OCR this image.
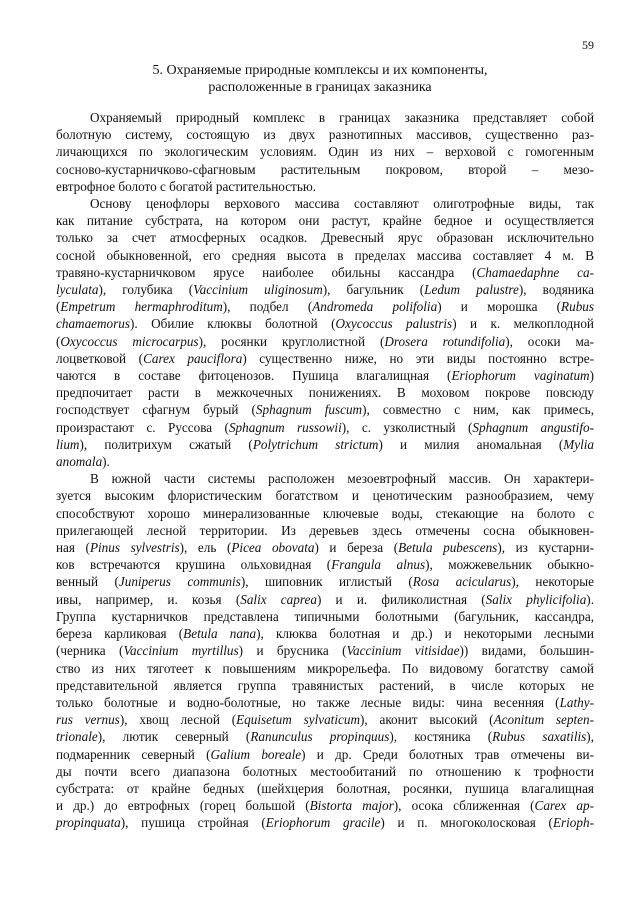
59
5. Охраняемые природные комплексы и их компоненты,
расположенные в границах заказника
Охраняемый природный комплекс в границах заказника представляет собой
болотную систему, состоящую из двух разнотипных массивов, существенно раз-
личающихся по экологическим условиям. Один из них – верховой с гомогенным
сосново-кустарничково-сфагновым растительным покровом, второй – мезо-
евтрофное болото с богатой растительностью.
Основу ценофлоры верхового массива составляют олиготрофные виды, так
как питание субстрата, на котором они растут, крайне бедное и осуществляется
только за счет атмосферных осадков. Древесный ярус образован исключительно
сосной обыкновенной, его средняя высота в пределах массива составляет 4 м. В
травяно-кустарничковом ярусе наиболее обильны кассандра (Chamaedaphne ca-
lyculata), голубика (Vaccinium uliginosum), багульник (Ledum palustre), водяника
(Empetrum hermaphroditum), подбел (Andromeda polifolia) и морошка (Rubus
chamaemorus). Обилие клюквы болотной (Oxycoccus palustris) и к. мелкоплодной
(Oxycoccus microcarpus), росянки круглолистной (Drosera rotundifolia), осоки ма-
лоцветковой (Carex pauciflora) существенно ниже, но эти виды постоянно встре-
чаются в составе фитоценозов. Пушица влагалищная (Eriophorum vaginatum)
предпочитает расти в межкочечных понижениях. В моховом покрове повсюду
господствует сфагнум бурый (Sphagnum fuscum), совместно с ним, как примесь,
произрастают с. Руссова (Sphagnum russowii), с. узколистный (Sphagnum angustifo-
lium), политрихум сжатый (Polytrichum strictum) и милия аномальная (Mylia
anomala).
В южной части системы расположен мезоевтрофный массив. Он характери-
зуется высоким флористическим богатством и ценотическим разнообразием, чему
способствуют хорошо минерализованные ключевые воды, стекающие на болото с
прилегающей лесной территории. Из деревьев здесь отмечены сосна обыкновен-
ная (Pinus sylvestris), ель (Picea obovata) и береза (Betula pubescens), из кустарни-
ков встречаются крушина ольховидная (Frangula alnus), можжевельник обыкно-
венный (Juniperus communis), шиповник иглистый (Rosa acicularus), некоторые
ивы, например, и. козья (Salix caprea) и и. филиколистная (Salix phylicifolia).
Группа кустарничков представлена типичными болотными (багульник, кассандра,
береза карликовая (Betula nana), клюква болотная и др.) и некоторыми лесными
(черника (Vaccinium myrtillus) и брусника (Vaccinium vitisidae)) видами, большин-
ство из них тяготеет к повышениям микрорельефа. По видовому богатству самой
представительной является группа травянистых растений, в числе которых не
только болотные и водно-болотные, но также лесные виды: чина весенняя (Lathy-
rus vernus), хвощ лесной (Equisetum sylvaticum), аконит высокий (Aconitum septen-
trionale), лютик северный (Ranunculus propinquus), костяника (Rubus saxatilis),
подмаренник северный (Galium boreale) и др. Среди болотных трав отмечены ви-
ды почти всего диапазона болотных местообитаний по отношению к трофности
субстрата: от крайне бедных (шейхцерия болотная, росянки, пушица влагалищная
и др.) до евтрофных (горец большой (Bistorta major), осока сближенная (Carex ap-
propinquata), пушица стройная (Eriophorum gracile) и п. многоколосковая (Erioph-
